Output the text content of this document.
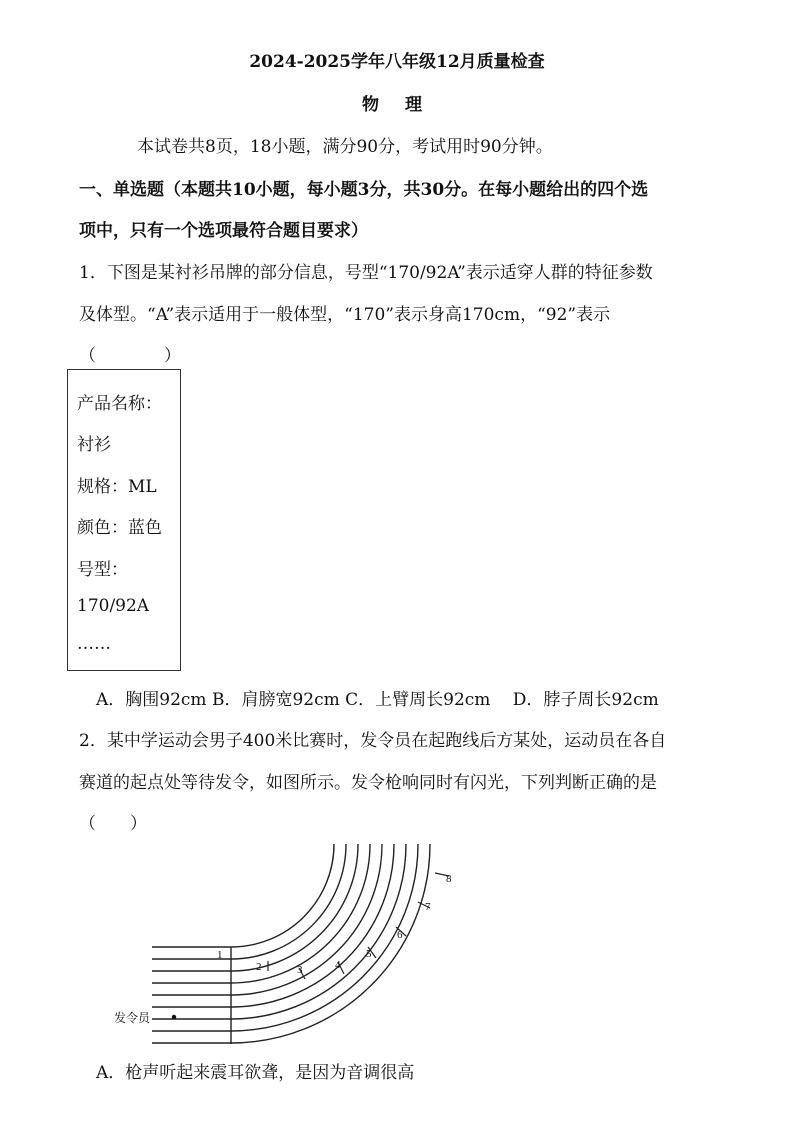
2024-2025学年八年级12月质量检查
物 理
本试卷共8页，18小题，满分90分，考试用时90分钟。
一、单选题（本题共10小题，每小题3分，共30分。在每小题给出的四个选
项中，只有一个选项最符合题目要求）
1．下图是某衬衫吊牌的部分信息，号型“170/92A”表示适穿人群的特征参数
及体型。“A”表示适用于一般体型，“170”表示身高170cm，“92”表示
（　　　　）
产品名称：
衬衫
规格：ML
颜色：蓝色
号型：
170/92A
……
A．胸围92cm B．肩膀宽92cm C．上臂周长92cm　 D．脖子周长92cm
2．某中学运动会男子400米比赛时，发令员在起跑线后方某处，运动员在各自
赛道的起点处等待发令，如图所示。发令枪响同时有闪光，下列判断正确的是
（　　）
1
2	3	4
5
6
7
8
发令员
A．枪声听起来震耳欲聋，是因为音调很高
